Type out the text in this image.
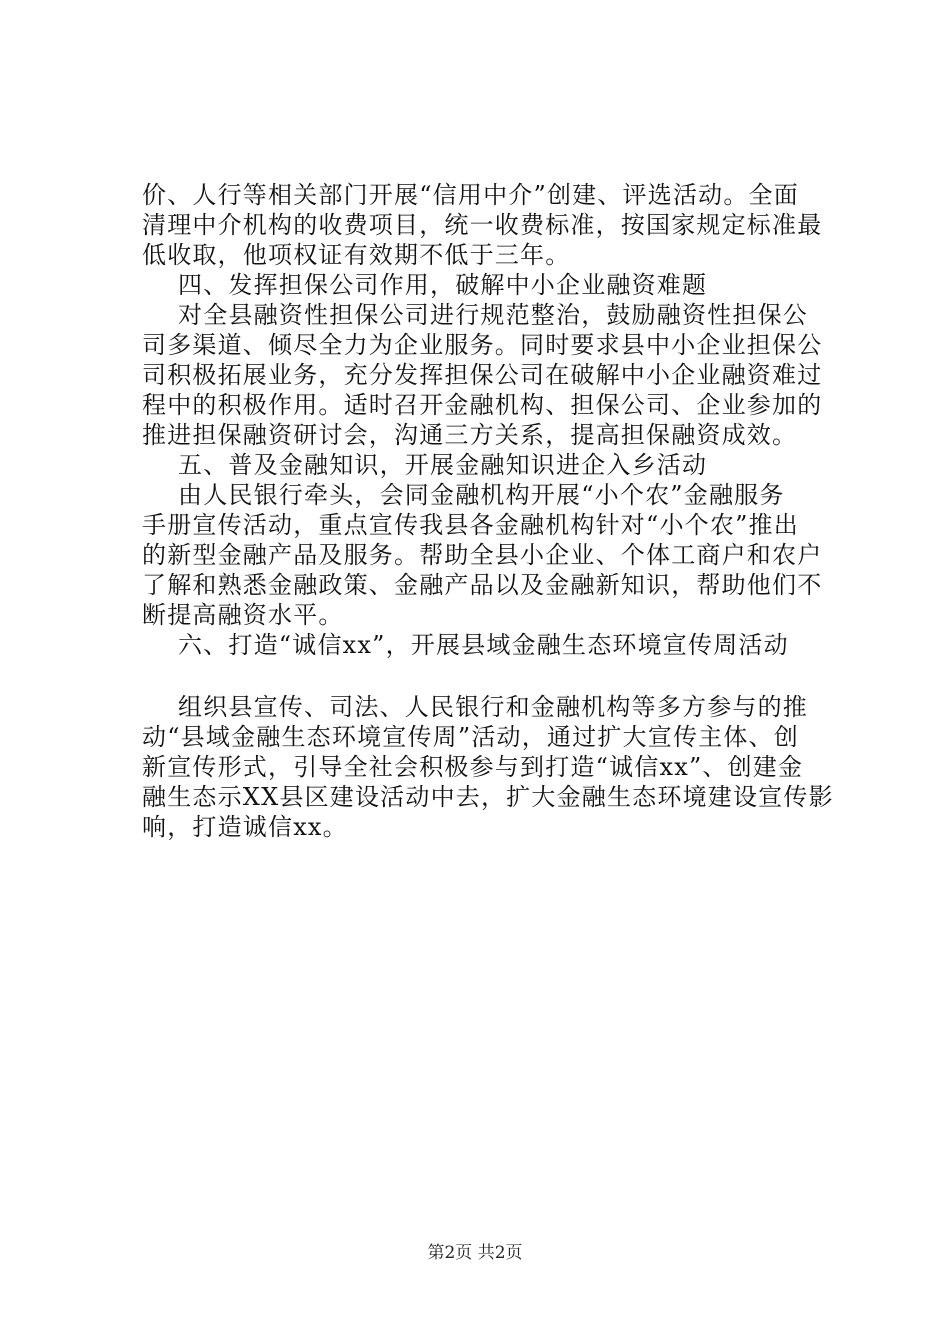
价、人行等相关部门开展“信用中介”创建、评选活动。全面
清理中介机构的收费项目，统一收费标准，按国家规定标准最
低收取，他项权证有效期不低于三年。
四、发挥担保公司作用，破解中小企业融资难题
对全县融资性担保公司进行规范整治，鼓励融资性担保公
司多渠道、倾尽全力为企业服务。同时要求县中小企业担保公
司积极拓展业务，充分发挥担保公司在破解中小企业融资难过
程中的积极作用。适时召开金融机构、担保公司、企业参加的
推进担保融资研讨会，沟通三方关系，提高担保融资成效。
五、普及金融知识，开展金融知识进企入乡活动
由人民银行牵头，会同金融机构开展“小个农”金融服务
手册宣传活动，重点宣传我县各金融机构针对“小个农”推出
的新型金融产品及服务。帮助全县小企业、个体工商户和农户
了解和熟悉金融政策、金融产品以及金融新知识，帮助他们不
断提高融资水平。
六、打造“诚信xx”，开展县域金融生态环境宣传周活动
组织县宣传、司法、人民银行和金融机构等多方参与的推
动“县域金融生态环境宣传周”活动，通过扩大宣传主体、创
新宣传形式，引导全社会积极参与到打造“诚信xx”、创建金
融生态示XX县区建设活动中去，扩大金融生态环境建设宣传影
响，打造诚信xx。
第2页 共2页
